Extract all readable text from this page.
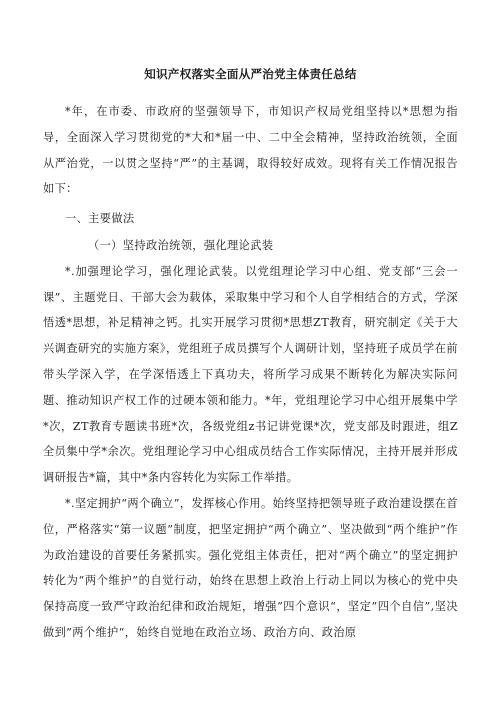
知识产权落实全面从严治党主体责任总结

*年，在市委、市政府的坚强领导下，市知识产权局党组坚持以*思想为指导，全面深入学习贯彻党的*大和*届一中、二中全会精神，坚持政治统领，全面从严治党，一以贯之坚持“严”的主基调，取得较好成效。现将有关工作情况报告如下：

一、主要做法

（一）坚持政治统领，强化理论武装

*.加强理论学习，强化理论武装。以党组理论学习中心组、党支部“三会一课”、主题党日、干部大会为载体，采取集中学习和个人自学相结合的方式，学深悟透*思想，补足精神之钙。扎实开展学习贯彻*思想ZT教育，研究制定《关于大兴调查研究的实施方案》，党组班子成员撰写个人调研计划，坚持班子成员学在前带头学深入学，在学深悟透上下真功夫，将所学习成果不断转化为解决实际问题、推动知识产权工作的过硬本领和能力。*年，党组理论学习中心组开展集中学*次，ZT教育专题读书班*次，各级党组z书记讲党课*次，党支部及时跟进，组Z全员集中学*余次。党组理论学习中心组成员结合工作实际情况，主持开展并形成调研报告*篇，其中*条内容转化为实际工作举措。

*.坚定拥护“两个确立”，发挥核心作用。始终坚持把领导班子政治建设摆在首位，严格落实“第一议题”制度，把坚定拥护“两个确立”、坚决做到“两个维护”作为政治建设的首要任务紧抓实。强化党组主体责任，把对“两个确立”的坚定拥护转化为“两个维护”的自觉行动，始终在思想上政治上行动上同以为核心的党中央保持高度一致严守政治纪律和政治规矩，增强”四个意识“，坚定”四个自信”,坚决做到”两个维护“，始终自觉地在政治立场、政治方向、政治原
